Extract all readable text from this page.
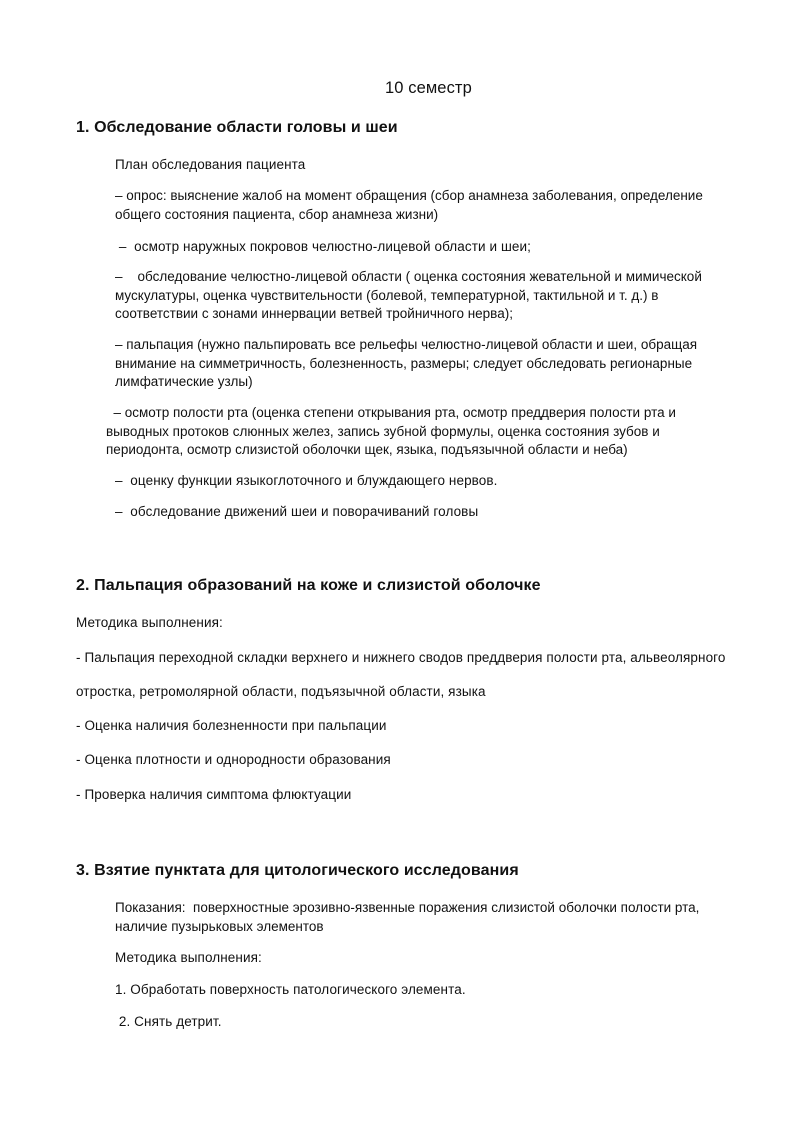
10 семестр

1. Обследование области головы и шеи

План обследования пациента

– опрос: выяснение жалоб на момент обращения (сбор анамнеза заболевания, определение
общего состояния пациента, сбор анамнеза жизни)

–  осмотр наружных покровов челюстно-лицевой области и шеи;

–    обследование челюстно-лицевой области ( оценка состояния жевательной и мимической
мускулатуры, оценка чувствительности (болевой, температурной, тактильной и т. д.) в
соответствии с зонами иннервации ветвей тройничного нерва);
– пальпация (нужно пальпировать все рельефы челюстно-лицевой области и шеи, обращая
внимание на симметричность, болезненность, размеры; следует обследовать регионарные
лимфатические узлы)
– осмотр полости рта (оценка степени открывания рта, осмотр преддверия полости рта и
выводных протоков слюнных желез, запись зубной формулы, оценка состояния зубов и
периодонта, осмотр слизистой оболочки щек, языка, подъязычной области и неба)

–  оценку функции языкоглоточного и блуждающего нервов.

–  обследование движений шеи и поворачиваний головы

2. Пальпация образований на коже и слизистой оболочке

Методика выполнения:

- Пальпация переходной складки верхнего и нижнего сводов преддверия полости рта, альвеолярного

отростка, ретромолярной области, подъязычной области, языка

- Оценка наличия болезненности при пальпации

- Оценка плотности и однородности образования

- Проверка наличия симптома флюктуации

3. Взятие пунктата для цитологического исследования

Показания:  поверхностные эрозивно-язвенные поражения слизистой оболочки полости рта,
наличие пузырьковых элементов

Методика выполнения:

1. Обработать поверхность патологического элемента.

2. Снять детрит.
